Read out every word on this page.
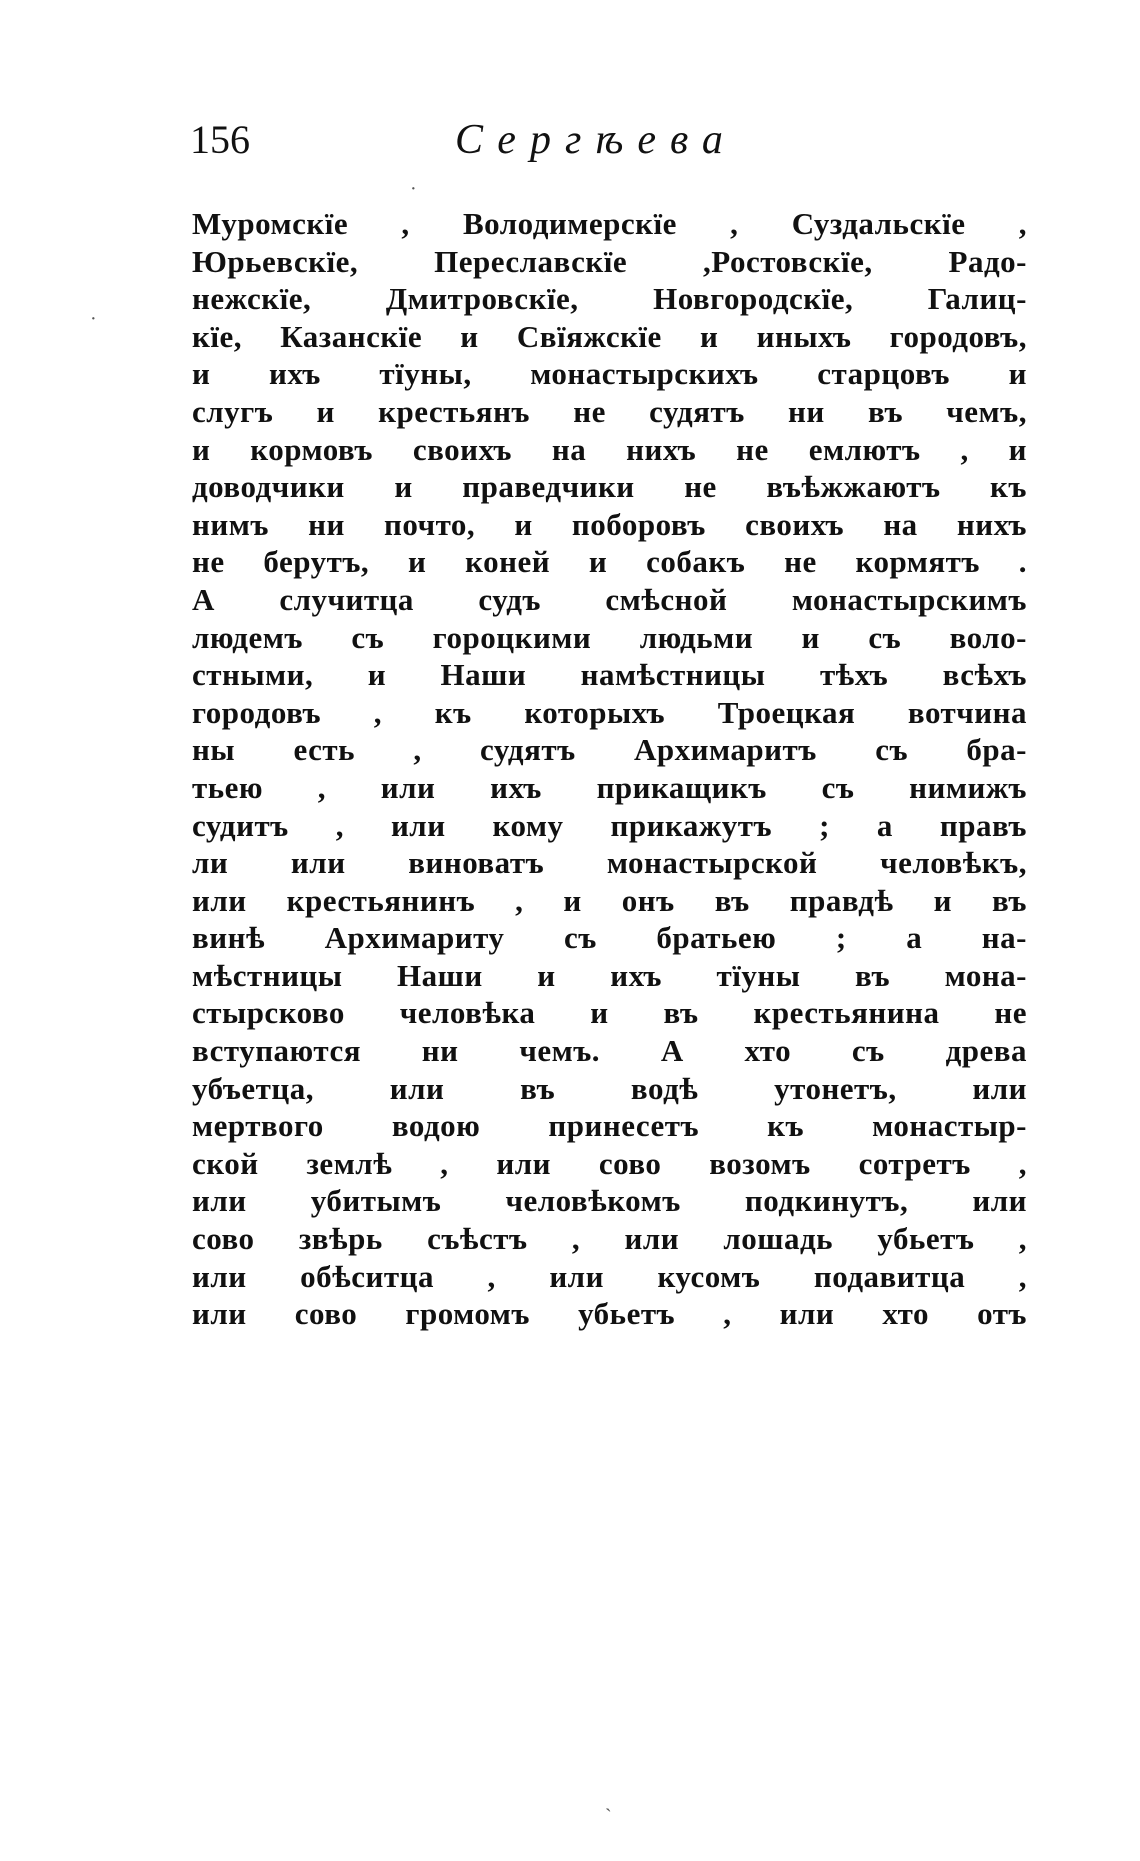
156	Сергѣева
Муромскїе , Володимерскїе , Суздальскїе ,
Юрьевскїе, Переславскїе ,Ростовскїе, Радо-
нежскїе, Дмитровскїе, Новгородскїе, Галиц-
кїе, Казанскїе и Свїяжскїе и иныхъ городовъ,
и ихъ тїуны, монастырскихъ старцовъ и
слугъ и крестьянъ не судятъ ни въ чемъ,
и кормовъ своихъ на нихъ не емлютъ , и
доводчики и праведчики не въѣжжаютъ къ
нимъ ни почто, и поборовъ своихъ на нихъ
не берутъ, и коней и собакъ не кормятъ .
А случитца судъ смѣсной монастырскимъ
людемъ съ гороцкими людьми и съ воло-
стными, и Наши намѣстницы тѣхъ всѣхъ
городовъ , къ которыхъ Троецкая вотчина
ны есть , судятъ Архимаритъ съ бра-
тьею , или ихъ прикащикъ съ нимижъ
судитъ , или кому прикажутъ ; а правъ
ли или виноватъ монастырской человѣкъ,
или крестьянинъ , и онъ въ правдѣ и въ
винѣ Архимариту съ братьею ; а на-
мѣстницы Наши и ихъ тїуны въ мона-
стырсково человѣка и въ крестьянина не
вступаются ни чемъ. А хто съ древа
убъетца, или въ водѣ утонетъ, или
мертвого водою принесетъ къ монастыр-
ской землѣ , или сово возомъ сотретъ ,
или убитымъ человѣкомъ подкинутъ, или
сово звѣрь съѣстъ , или лошадь убьетъ ,
или обѣситца , или кусомъ подавитца ,
или сово громомъ убьетъ , или хто отъ
·
·
ˏ
